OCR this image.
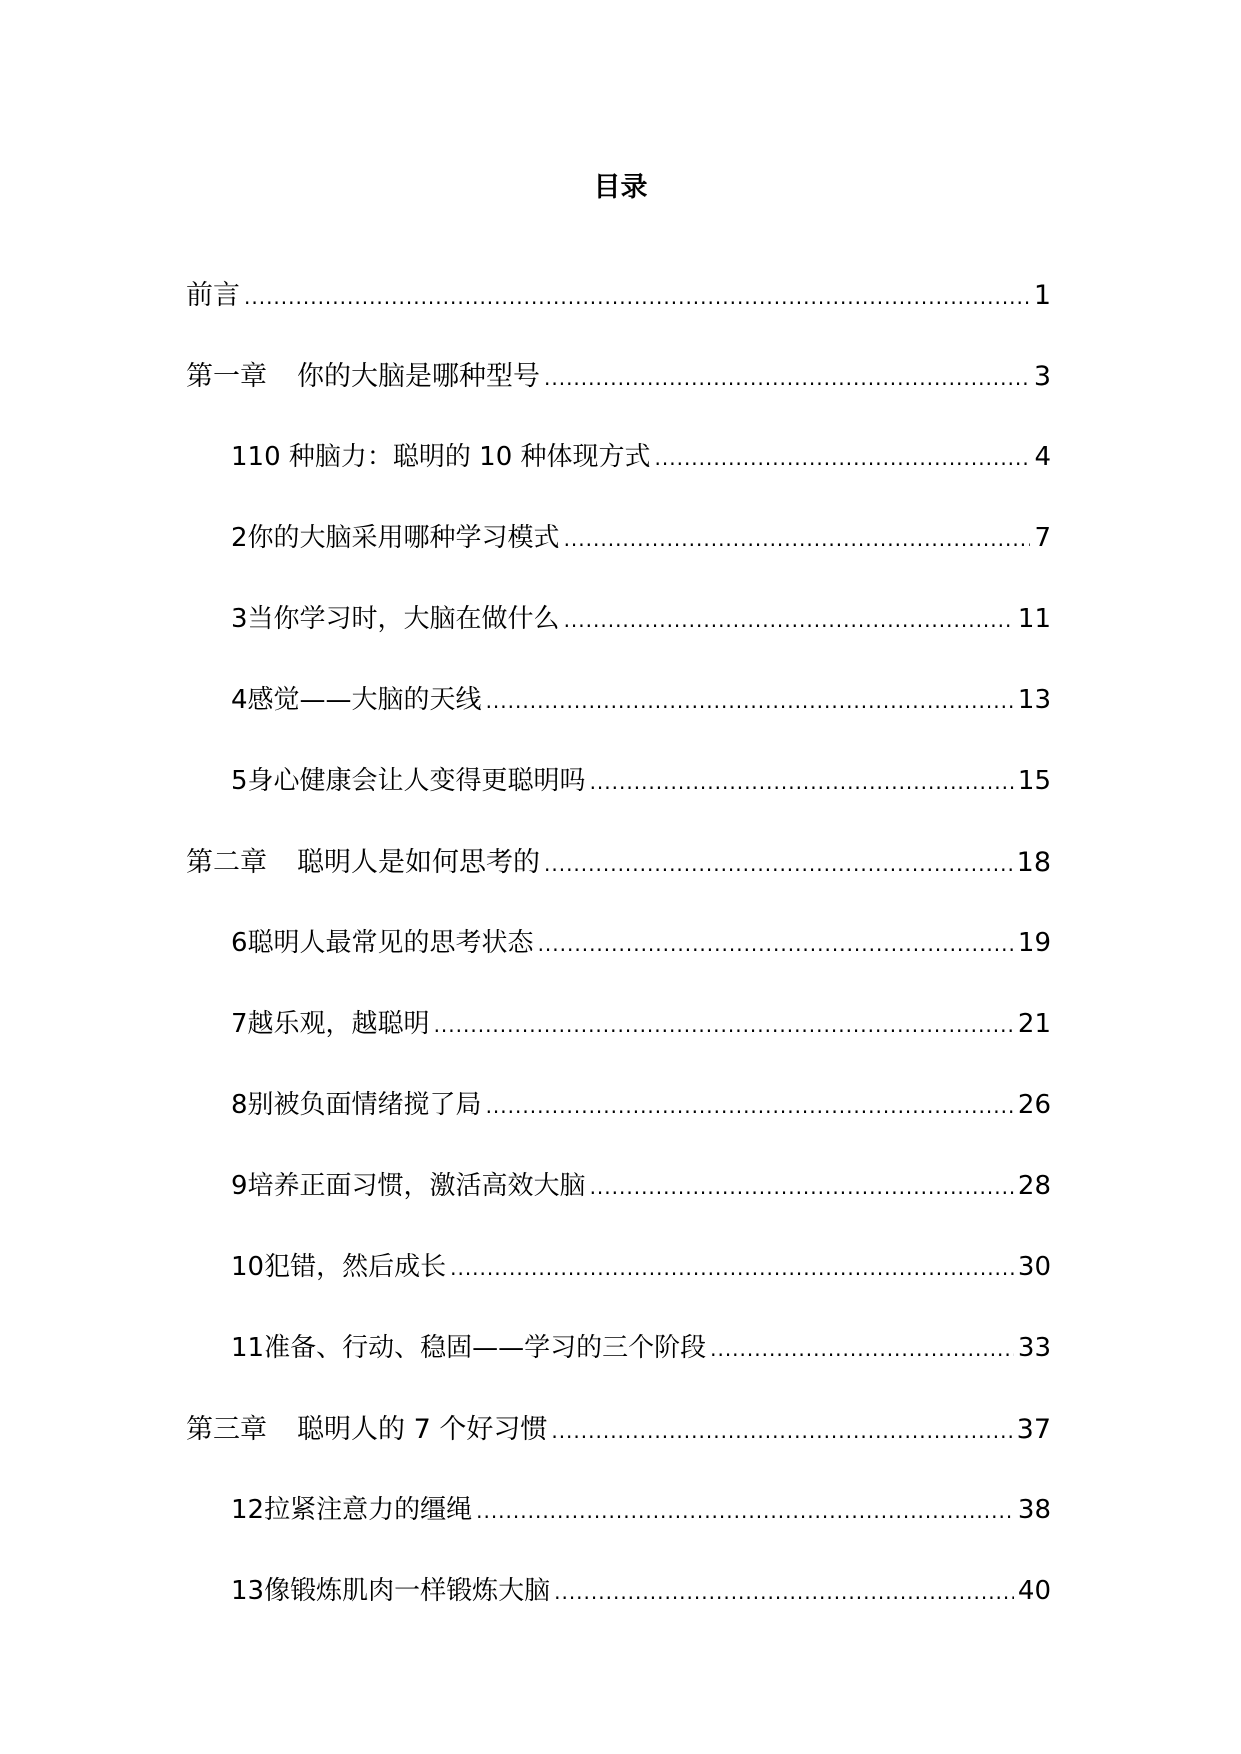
目录
前言 .....	1
第一章 你的大脑是哪种型号 .....	3
1 10 种脑力：聪明的 10 种体现方式 .....	4
2 你的大脑采用哪种学习模式 .....	7
3 当你学习时，大脑在做什么 .....	11
4 感觉——大脑的天线 .....	13
5 身心健康会让人变得更聪明吗 .....	15
第二章 聪明人是如何思考的 .....	18
6 聪明人最常见的思考状态 .....	19
7 越乐观，越聪明 .....	21
8 别被负面情绪搅了局 .....	26
9 培养正面习惯，激活高效大脑 .....	28
10 犯错，然后成长 .....	30
11 准备、行动、稳固——学习的三个阶段 .....	33
第三章 聪明人的 7 个好习惯 .....	37
12 拉紧注意力的缰绳 .....	38
13 像锻炼肌肉一样锻炼大脑 .....	40
